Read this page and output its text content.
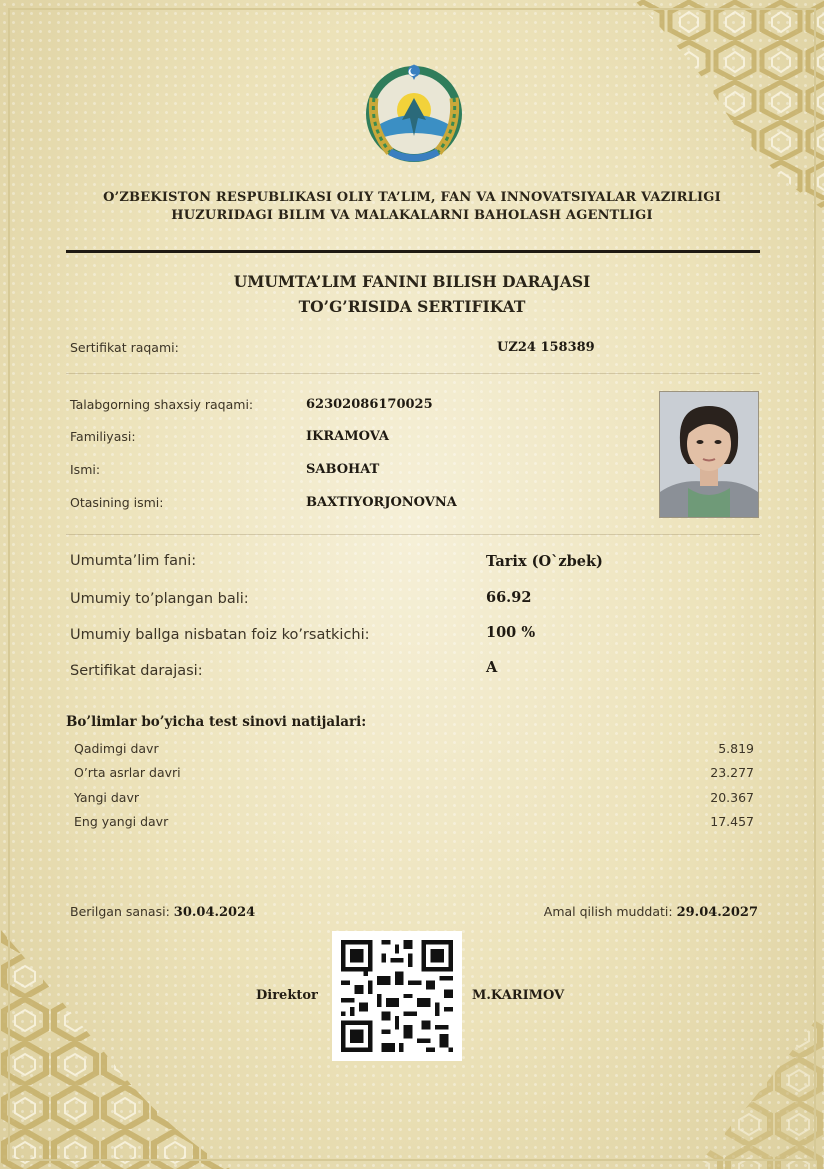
O’ZBEKISTON RESPUBLIKASI OLIY TA’LIM, FAN VA INNOVATSIYALAR VAZIRLIGI
HUZURIDAGI BILIM VA MALAKALARNI BAHOLASH AGENTLIGI
UMUMTA’LIM FANINI BILISH DARAJASI
TO’G’RISIDA SERTIFIKAT
Sertifikat raqami:	UZ24 158389
Talabgorning shaxsiy raqami:	62302086170025
Familiyasi:	IKRAMOVA
Ismi:	SABOHAT
Otasining ismi:	BAXTIYORJONOVNA
Umumta’lim fani:	Tarix (O`zbek)
Umumiy to’plangan bali:	66.92
Umumiy ballga nisbatan foiz ko’rsatkichi:	100 %
Sertifikat darajasi:	A
Bo’limlar bo’yicha test sinovi natijalari:
Qadimgi davr	5.819
O’rta asrlar davri	23.277
Yangi davr	20.367
Eng yangi davr	17.457
Berilgan sanasi: 30.04.2024	Amal qilish muddati: 29.04.2027
Direktor	M.KARIMOV
